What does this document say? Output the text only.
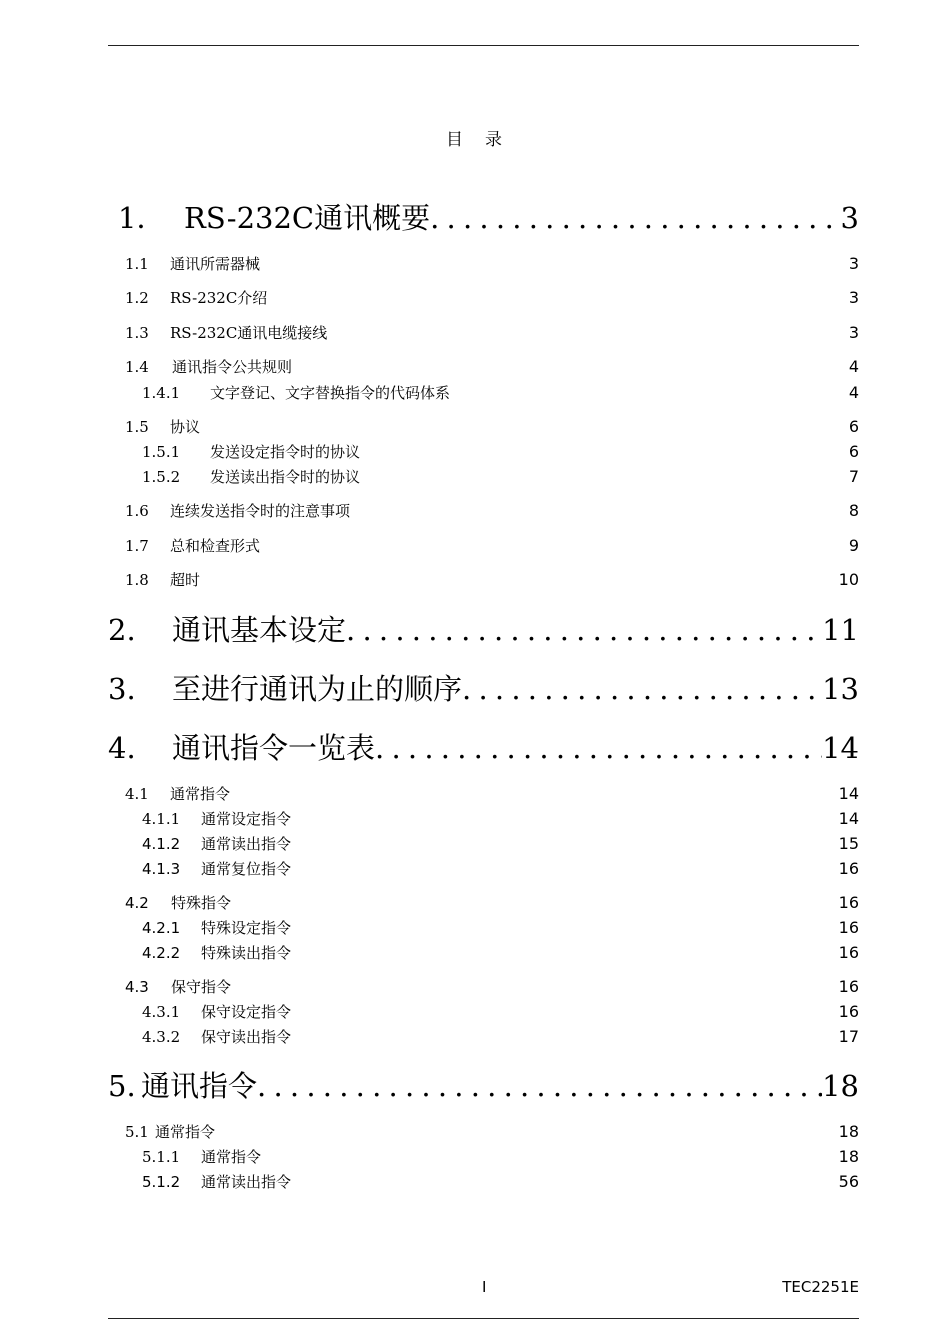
目 录
1． RS-232C通讯概要 . . .	3
1.1	通讯所需器械	3
1.2	RS-232C介绍	3
1.3	RS-232C通讯电缆接线	3
1.4	通讯指令公共规则	4
1.4.1	文字登记、文字替换指令的代码体系	4
1.5	协议	6
1.5.1	发送设定指令时的协议	6
1.5.2	发送读出指令时的协议	7
1.6	连续发送指令时的注意事项	8
1.7	总和检查形式	9
1.8	超时	10
2.	通讯基本设定 . . .	11
3.	至进行通讯为止的顺序 . . .	13
4.	通讯指令一览表 . . .	14
4.1	通常指令	14
4.1.1	通常设定指令	14
4.1.2	通常读出指令	15
4.1.3	通常复位指令	16
4.2	特殊指令	16
4.2.1	特殊设定指令	16
4.2.2	特殊读出指令	16
4.3	保守指令	16
4.3.1	保守设定指令	16
4.3.2	保守读出指令	17
5. 通讯指令 . . .	18
5.1 通常指令	18
5.1.1	通常指令	18
5.1.2	通常读出指令	56
I	TEC2251E
